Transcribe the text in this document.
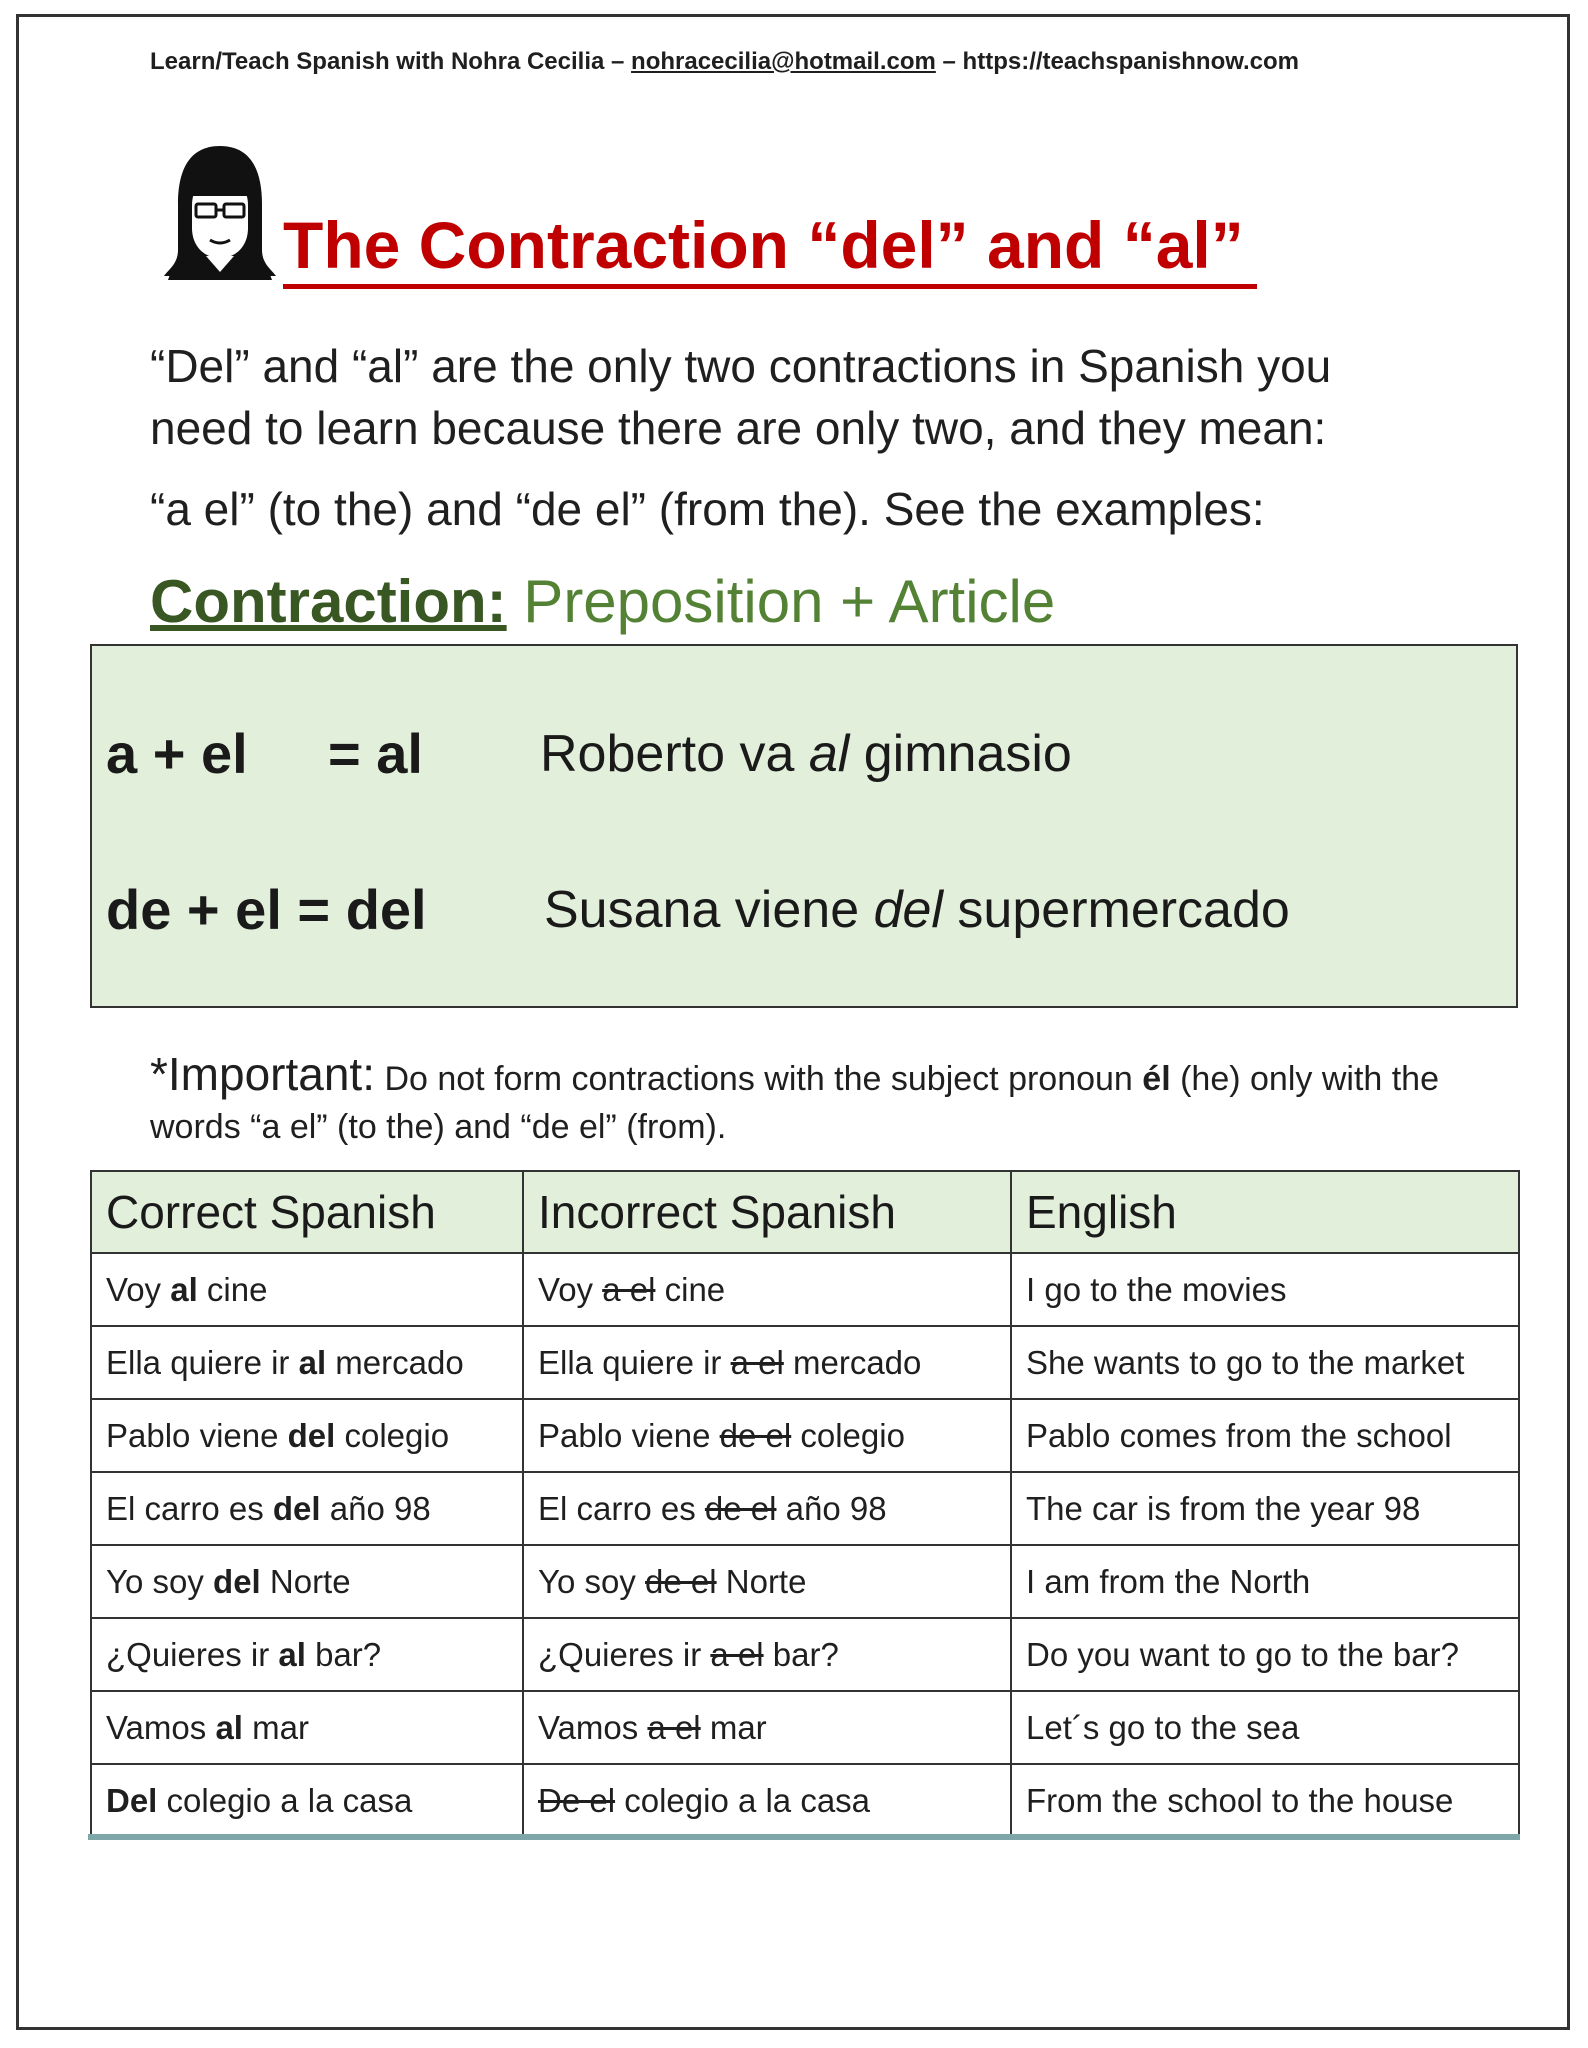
Learn/Teach Spanish with Nohra Cecilia – nohracecilia@hotmail.com – https://teachspanishnow.com
The Contraction “del” and “al”
“Del” and “al” are the only two contractions in Spanish you
need to learn because there are only two, and they mean:
“a el” (to the) and “de el” (from the). See the examples:
Contraction: Preposition + Article
a + el = al Roberto va al gimnasio
de + el = del Susana viene del supermercado
*Important: Do not form contractions with the subject pronoun él (he) only with the words “a el” (to the) and “de el” (from).
Correct Spanish	Incorrect Spanish	English
Voy al cine	Voy a el cine	I go to the movies
Ella quiere ir al mercado	Ella quiere ir a el mercado	She wants to go to the market
Pablo viene del colegio	Pablo viene de el colegio	Pablo comes from the school
El carro es del año 98	El carro es de el año 98	The car is from the year 98
Yo soy del Norte	Yo soy de el Norte	I am from the North
¿Quieres ir al bar?	¿Quieres ir a el bar?	Do you want to go to the bar?
Vamos al mar	Vamos a el mar	Let´s go to the sea
Del colegio a la casa	De el colegio a la casa	From the school to the house
